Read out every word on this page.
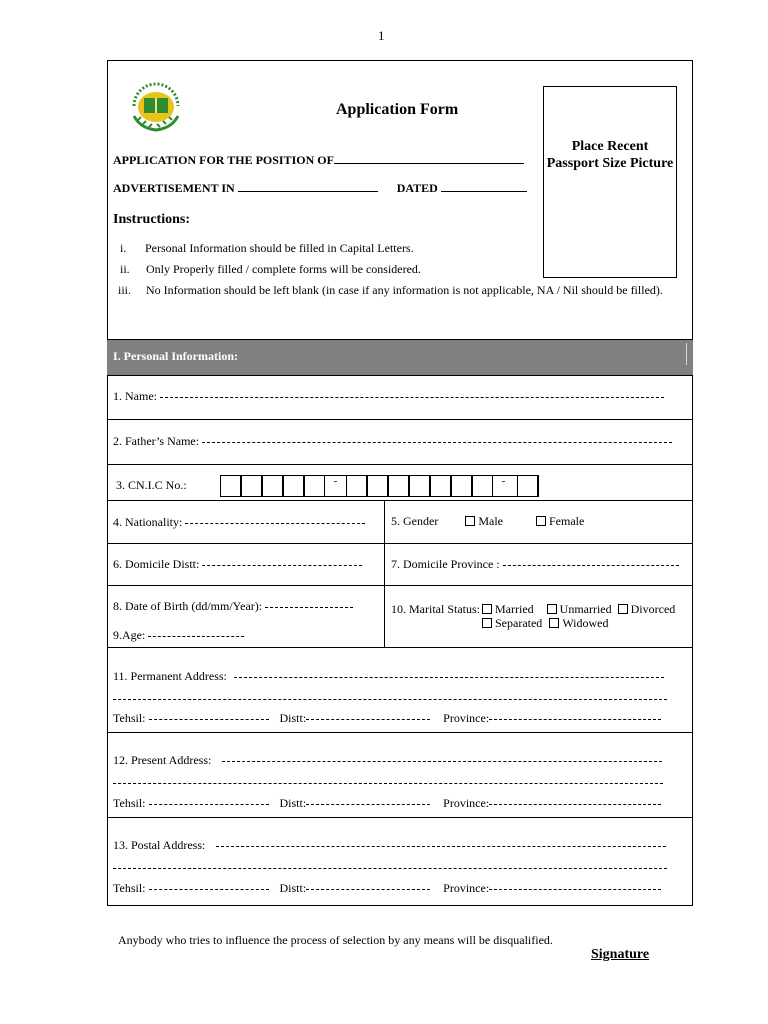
1
Application Form
Place Recent
Passport Size Picture
APPLICATION FOR THE POSITION OF
ADVERTISEMENT IN	DATED
Instructions:
i. Personal Information should be filled in Capital Letters.
ii. Only Properly filled / complete forms will be considered.
iii. No Information should be left blank (in case if any information is not applicable, NA / Nil should be filled).
I. Personal Information:
1. Name:
2. Father’s Name:
3. CN.I.C No.:	-	-
4. Nationality:	5. Gender	Male	Female
6. Domicile Distt:	7. Domicile Province :
8. Date of Birth (dd/mm/Year):
9.Age:
10. Marital Status:	Married Unmarried Divorced
Separated Widowed
11. Permanent Address:
Tehsil:	Distt:	Province:
12. Present Address:
Tehsil:	Distt:	Province:
13. Postal Address:
Tehsil:	Distt:	Province:
Anybody who tries to influence the process of selection by any means will be disqualified.
Signature
